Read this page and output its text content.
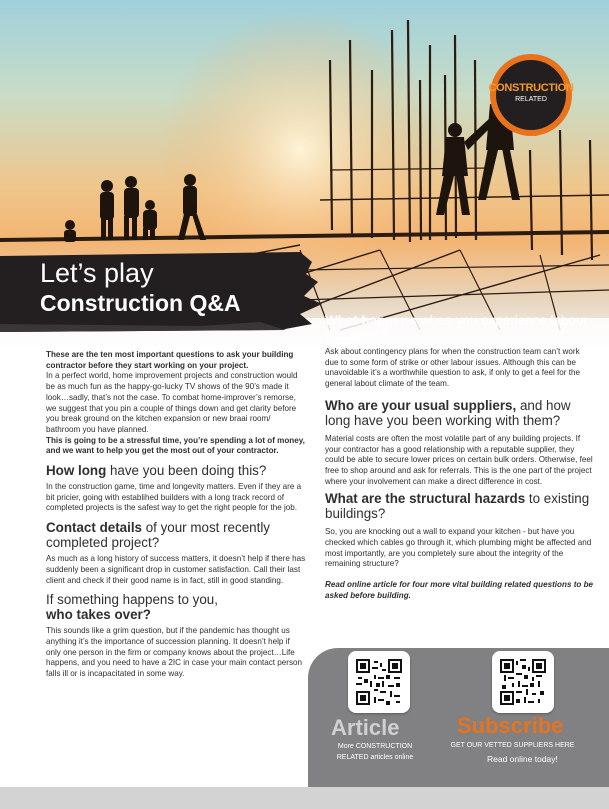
CONSTRUCTION
RELATED
Let’s play
Construction Q&A

These are the ten most important questions to ask your building contractor before they start working on your project.

In a perfect world, home improvement projects and construction would be as much fun as the happy-go-lucky TV shows of the 90’s made it look…sadly, that’s not the case. To combat home-improver’s remorse, we suggest that you pin a couple of things down and get clarity before you break ground on the kitchen expansion or new braai room/ bathroom you have planned.

This is going to be a stressful time, you’re spending a lot of money, and we want to help you get the most out of your contractor.

How long have you been doing this?

In the construction game, time and longevity matters. Even if they are a bit pricier, going with establihed builders with a long track record of completed projects is the safest way to get the right people for the job.

Contact details of your most recently completed project?

As much as a long history of success matters, it doesn’t help if there has suddenly been a significant drop in customer satisfaction. Call their last client and check if their good name is in fact, still in good standing.

If something happens to you,

who takes over?

This sounds like a grim question, but if the pandemic has thought us anything it’s the importance of succession planning. It doesn’t help if only one person in the firm or company knows about the project…Life happens, and you need to have a 2IC in case your main contact person falls ill or is incapacitated in some way.

What happens when you experience labour problems?

Ask about contingency plans for when the construction team can’t work due to some form of strike or other labour issues. Although this can be unavoidable it’s a worthwhile question to ask, if only to get a feel for the general labout climate of the team.

Who are your usual suppliers, and how long have you been working with them?

Material costs are often the most volatile part of any building projects. If your contractor has a good relationship with a reputable supplier, they could be able to secure lower prices on certain bulk orders. Otherwise, feel free to shop around and ask for referrals. This is the one part of the project where your involvement can make a direct difference in cost.

What are the structural hazards to existing buildings?

So, you are knocking out a wall to expand your kitchen - but have you checked which cables go through it, which plumbing might be affected and most importantly, are you completely sure about the integrity of the remaining structure?

Read online article for four more vital building related questions to be asked before building.

Article
More CONSTRUCTION
RELATED articles online
Subscribe
GET OUR VETTED SUPPLIERS HERE
Read online today!
